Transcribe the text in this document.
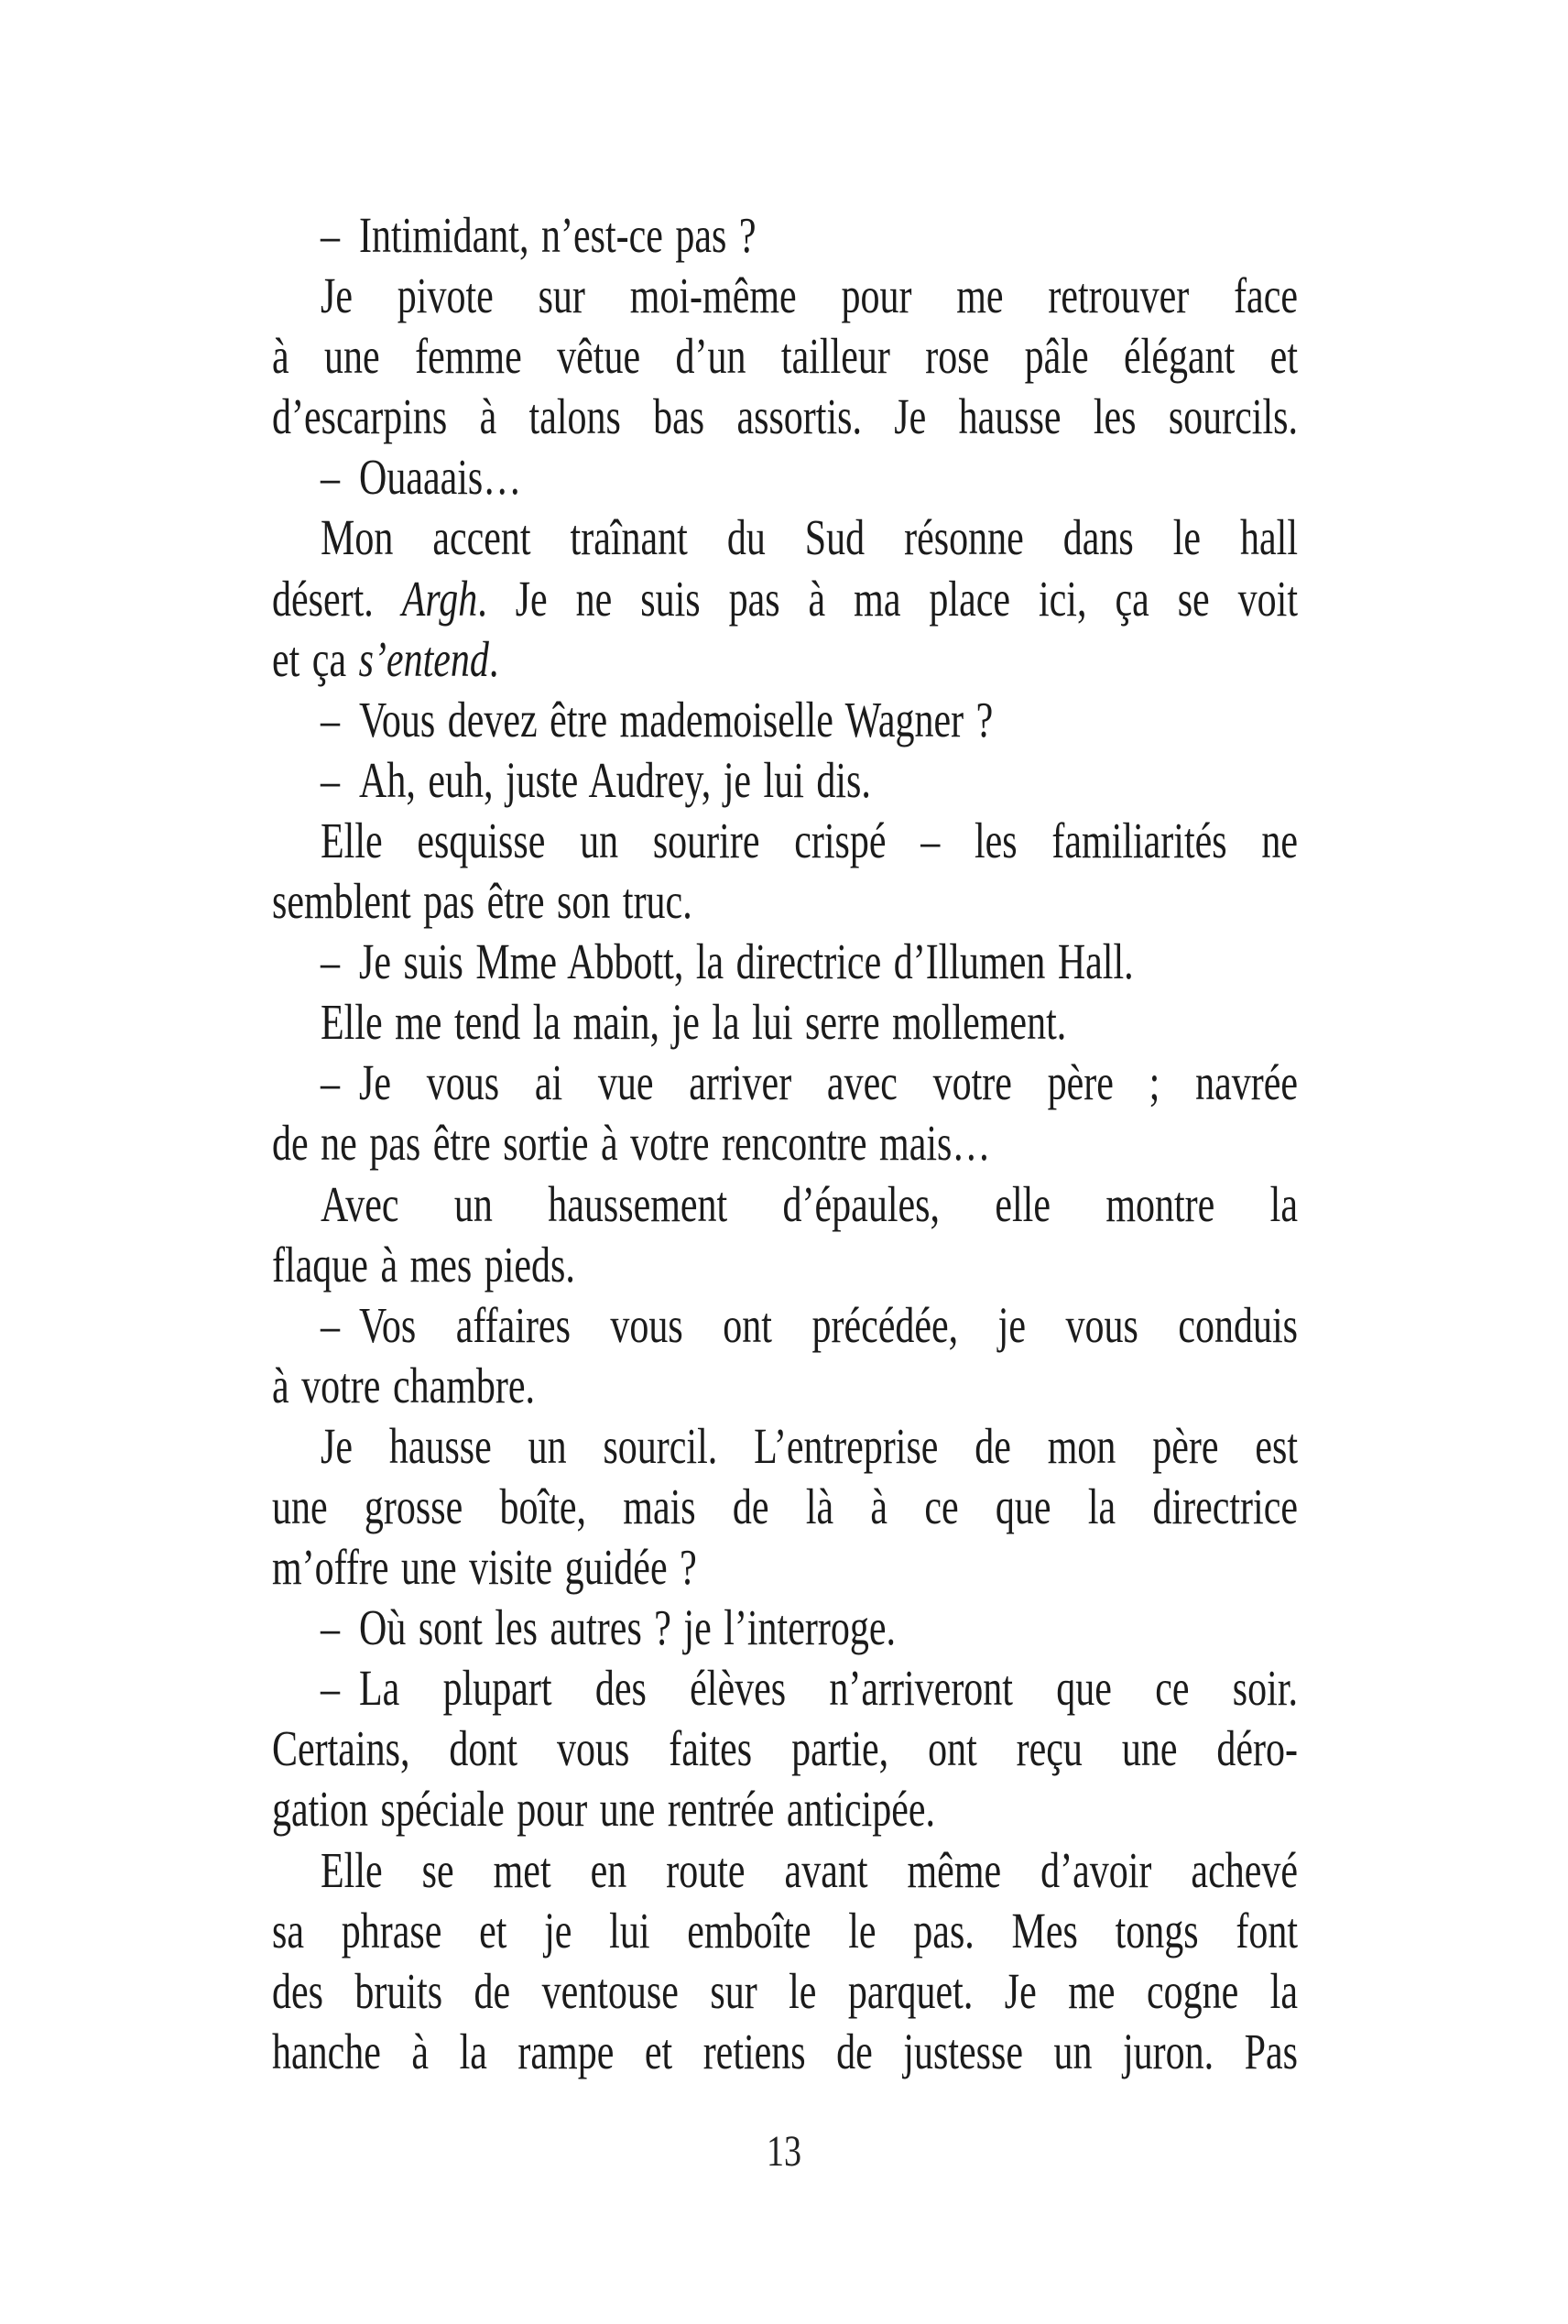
– Intimidant, n’est-ce pas ?
Je pivote sur moi-même pour me retrouver face
à une femme vêtue d’un tailleur rose pâle élégant et
d’escarpins à talons bas assortis. Je hausse les sourcils.
– Ouaaais…
Mon accent traînant du Sud résonne dans le hall
désert. Argh. Je ne suis pas à ma place ici, ça se voit
et ça s’entend.
– Vous devez être mademoiselle Wagner ?
– Ah, euh, juste Audrey, je lui dis.
Elle esquisse un sourire crispé – les familiarités ne
semblent pas être son truc.
– Je suis Mme Abbott, la directrice d’Illumen Hall.
Elle me tend la main, je la lui serre mollement.
– Je vous ai vue arriver avec votre père ; navrée
de ne pas être sortie à votre rencontre mais…
Avec un haussement d’épaules, elle montre la
flaque à mes pieds.
– Vos affaires vous ont précédée, je vous conduis
à votre chambre.
Je hausse un sourcil. L’entreprise de mon père est
une grosse boîte, mais de là à ce que la directrice
m’offre une visite guidée ?
– Où sont les autres ? je l’interroge.
– La plupart des élèves n’arriveront que ce soir.
Certains, dont vous faites partie, ont reçu une déro-
gation spéciale pour une rentrée anticipée.
Elle se met en route avant même d’avoir achevé
sa phrase et je lui emboîte le pas. Mes tongs font
des bruits de ventouse sur le parquet. Je me cogne la
hanche à la rampe et retiens de justesse un juron. Pas
13
